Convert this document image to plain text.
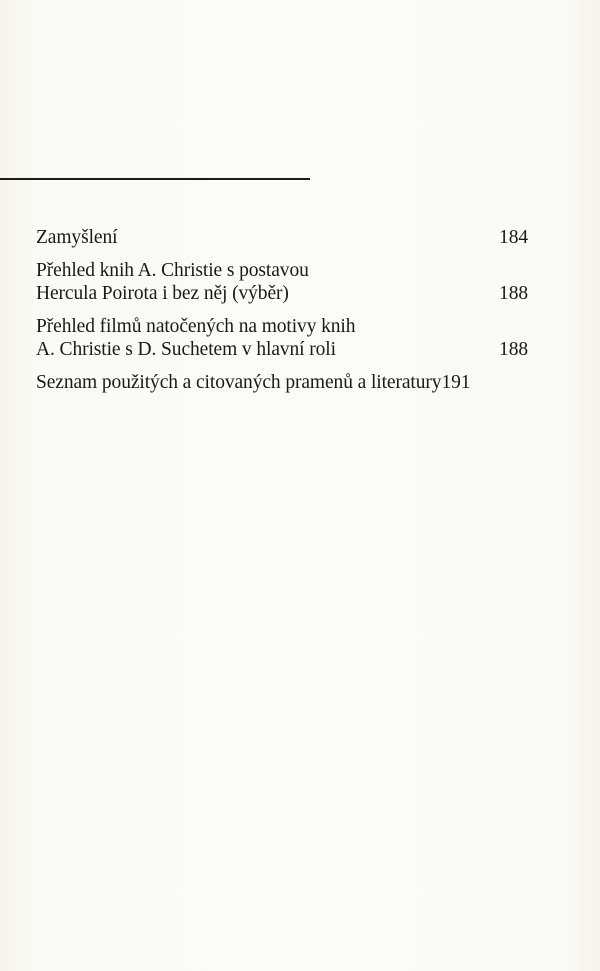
Zamyšlení	184
Přehled knih A. Christie s postavou
Hercula Poirota i bez něj (výběr)	188
Přehled filmů natočených na motivy knih
A. Christie s D. Suchetem v hlavní roli	188
Seznam použitých a citovaných pramenů a literatury 191
